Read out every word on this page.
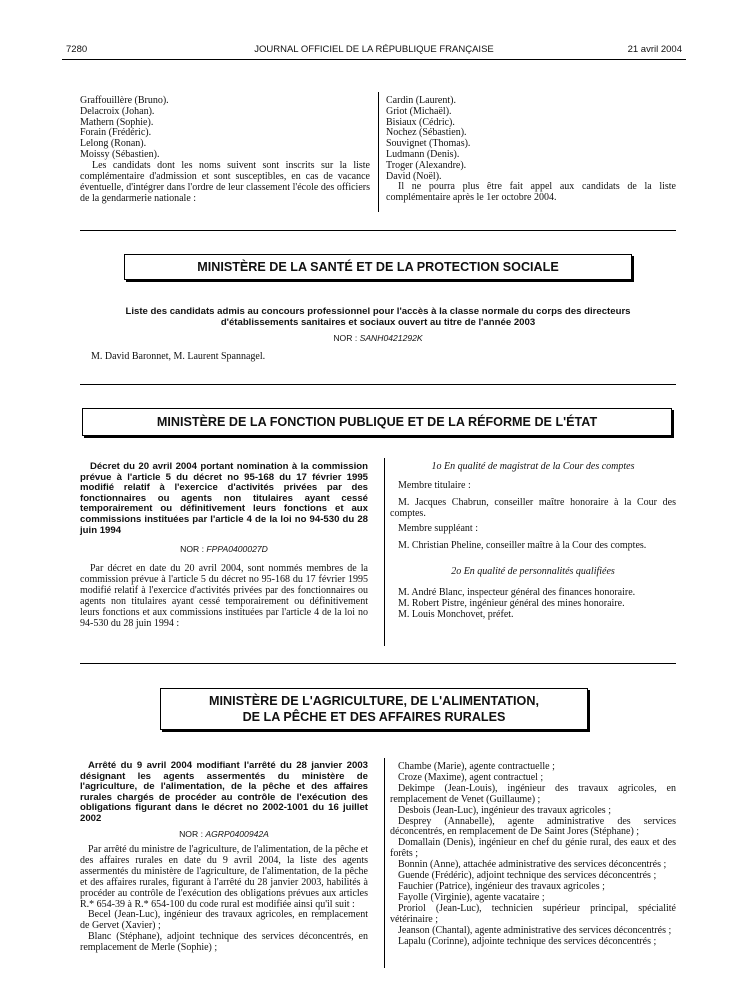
7280	JOURNAL OFFICIEL DE LA RÉPUBLIQUE FRANÇAISE	21 avril 2004
Graffouillère (Bruno).
Delacroix (Johan).
Mathern (Sophie).
Forain (Frédéric).
Lelong (Ronan).
Moissy (Sébastien).
Les candidats dont les noms suivent sont inscrits sur la liste complémentaire d'admission et sont susceptibles, en cas de vacance éventuelle, d'intégrer dans l'ordre de leur classement l'école des officiers de la gendarmerie nationale :
Cardin (Laurent).
Griot (Michaël).
Bisiaux (Cédric).
Nochez (Sébastien).
Souvignet (Thomas).
Ludmann (Denis).
Troger (Alexandre).
David (Noël).
Il ne pourra plus être fait appel aux candidats de la liste complémentaire après le 1er octobre 2004.
MINISTÈRE DE LA SANTÉ ET DE LA PROTECTION SOCIALE
Liste des candidats admis au concours professionnel pour l'accès à la classe normale du corps des directeurs
d'établissements sanitaires et sociaux ouvert au titre de l'année 2003
NOR : SANH0421292K
M. David Baronnet, M. Laurent Spannagel.
MINISTÈRE DE LA FONCTION PUBLIQUE ET DE LA RÉFORME DE L'ÉTAT
Décret du 20 avril 2004 portant nomination à la commission prévue à l'article 5 du décret no 95-168 du 17 février 1995 modifié relatif à l'exercice d'activités privées par des fonctionnaires ou agents non titulaires ayant cessé temporairement ou définitivement leurs fonctions et aux commissions instituées par l'article 4 de la loi no 94-530 du 28 juin 1994
NOR : FPPA0400027D
Par décret en date du 20 avril 2004, sont nommés membres de la commission prévue à l'article 5 du décret no 95-168 du 17 février 1995 modifié relatif à l'exercice d'activités privées par des fonctionnaires ou agents non titulaires ayant cessé temporairement ou définitivement leurs fonctions et aux commissions instituées par l'article 4 de la loi no 94-530 du 28 juin 1994 :
1o En qualité de magistrat de la Cour des comptes
Membre titulaire :
M. Jacques Chabrun, conseiller maître honoraire à la Cour des comptes.
Membre suppléant :
M. Christian Pheline, conseiller maître à la Cour des comptes.
2o En qualité de personnalités qualifiées
M. André Blanc, inspecteur général des finances honoraire.
M. Robert Pistre, ingénieur général des mines honoraire.
M. Louis Monchovet, préfet.
MINISTÈRE DE L'AGRICULTURE, DE L'ALIMENTATION,
DE LA PÊCHE ET DES AFFAIRES RURALES
Arrêté du 9 avril 2004 modifiant l'arrêté du 28 janvier 2003 désignant les agents assermentés du ministère de l'agriculture, de l'alimentation, de la pêche et des affaires rurales chargés de procéder au contrôle de l'exécution des obligations figurant dans le décret no 2002-1001 du 16 juillet 2002
NOR : AGRP0400942A
Par arrêté du ministre de l'agriculture, de l'alimentation, de la pêche et des affaires rurales en date du 9 avril 2004, la liste des agents assermentés du ministère de l'agriculture, de l'alimentation, de la pêche et des affaires rurales, figurant à l'arrêté du 28 janvier 2003, habilités à procéder au contrôle de l'exécution des obligations prévues aux articles R.* 654-39 à R.* 654-100 du code rural est modifiée ainsi qu'il suit :
Becel (Jean-Luc), ingénieur des travaux agricoles, en remplacement de Gervet (Xavier) ;
Blanc (Stéphane), adjoint technique des services déconcentrés, en remplacement de Merle (Sophie) ;
Chambe (Marie), agente contractuelle ;
Croze (Maxime), agent contractuel ;
Dekimpe (Jean-Louis), ingénieur des travaux agricoles, en remplacement de Venet (Guillaume) ;
Desbois (Jean-Luc), ingénieur des travaux agricoles ;
Desprey (Annabelle), agente administrative des services déconcentrés, en remplacement de De Saint Jores (Stéphane) ;
Domallain (Denis), ingénieur en chef du génie rural, des eaux et des forêts ;
Bonnin (Anne), attachée administrative des services déconcentrés ;
Guende (Frédéric), adjoint technique des services déconcentrés ;
Fauchier (Patrice), ingénieur des travaux agricoles ;
Fayolle (Virginie), agente vacataire ;
Proriol (Jean-Luc), technicien supérieur principal, spécialité vétérinaire ;
Jeanson (Chantal), agente administrative des services déconcentrés ;
Lapalu (Corinne), adjointe technique des services déconcentrés ;
